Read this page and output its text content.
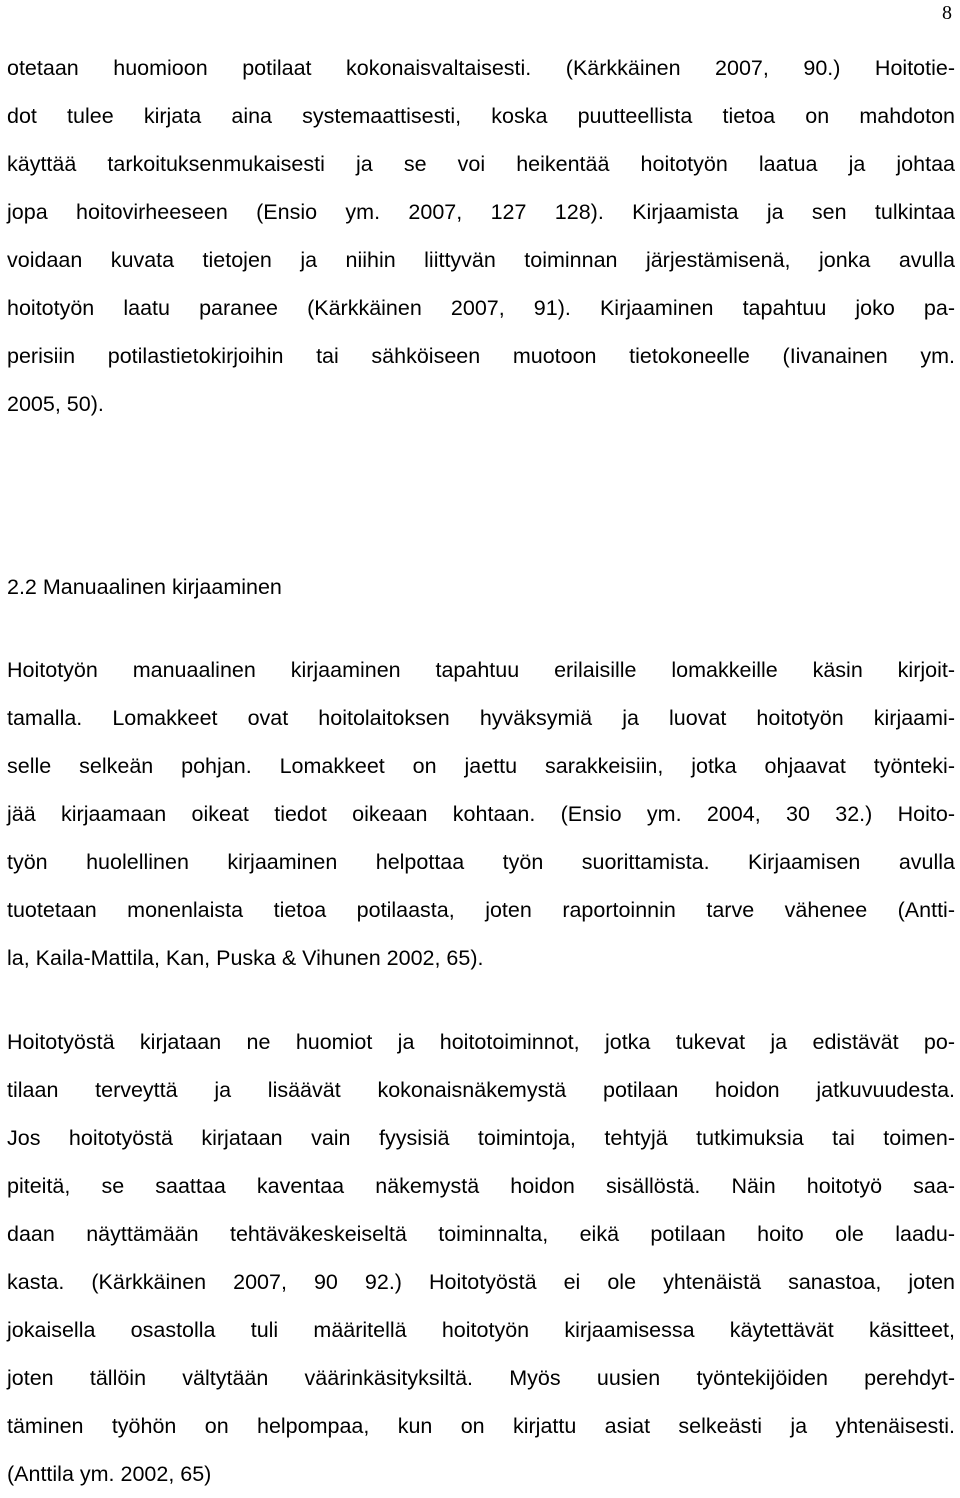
8
otetaan huomioon potilaat kokonaisvaltaisesti. (Kärkkäinen 2007, 90.) Hoitotie-
dot tulee kirjata aina systemaattisesti, koska puutteellista tietoa on mahdoton
käyttää tarkoituksenmukaisesti ja se voi heikentää hoitotyön laatua ja johtaa
jopa hoitovirheeseen (Ensio ym. 2007, 127 128). Kirjaamista ja sen tulkintaa
voidaan kuvata tietojen ja niihin liittyvän toiminnan järjestämisenä, jonka avulla
hoitotyön laatu paranee (Kärkkäinen 2007, 91). Kirjaaminen tapahtuu joko pa-
perisiin potilastietokirjoihin tai sähköiseen muotoon tietokoneelle (Iivanainen ym.
2005, 50).
2.2 Manuaalinen kirjaaminen
Hoitotyön manuaalinen kirjaaminen tapahtuu erilaisille lomakkeille käsin kirjoit-
tamalla. Lomakkeet ovat hoitolaitoksen hyväksymiä ja luovat hoitotyön kirjaami-
selle selkeän pohjan. Lomakkeet on jaettu sarakkeisiin, jotka ohjaavat työnteki-
jää kirjaamaan oikeat tiedot oikeaan kohtaan. (Ensio ym. 2004, 30 32.) Hoito-
työn huolellinen kirjaaminen helpottaa työn suorittamista. Kirjaamisen avulla
tuotetaan monenlaista tietoa potilaasta, joten raportoinnin tarve vähenee (Antti-
la, Kaila-Mattila, Kan, Puska & Vihunen 2002, 65).
Hoitotyöstä kirjataan ne huomiot ja hoitotoiminnot, jotka tukevat ja edistävät po-
tilaan terveyttä ja lisäävät kokonaisnäkemystä potilaan hoidon jatkuvuudesta.
Jos hoitotyöstä kirjataan vain fyysisiä toimintoja, tehtyjä tutkimuksia tai toimen-
piteitä, se saattaa kaventaa näkemystä hoidon sisällöstä. Näin hoitotyö saa-
daan näyttämään tehtäväkeskeiseltä toiminnalta, eikä potilaan hoito ole laadu-
kasta. (Kärkkäinen 2007, 90 92.) Hoitotyöstä ei ole yhtenäistä sanastoa, joten
jokaisella osastolla tuli määritellä hoitotyön kirjaamisessa käytettävät käsitteet,
joten tällöin vältytään väärinkäsityksiltä. Myös uusien työntekijöiden perehdyt-
täminen työhön on helpompaa, kun on kirjattu asiat selkeästi ja yhtenäisesti.
(Anttila ym. 2002, 65)
